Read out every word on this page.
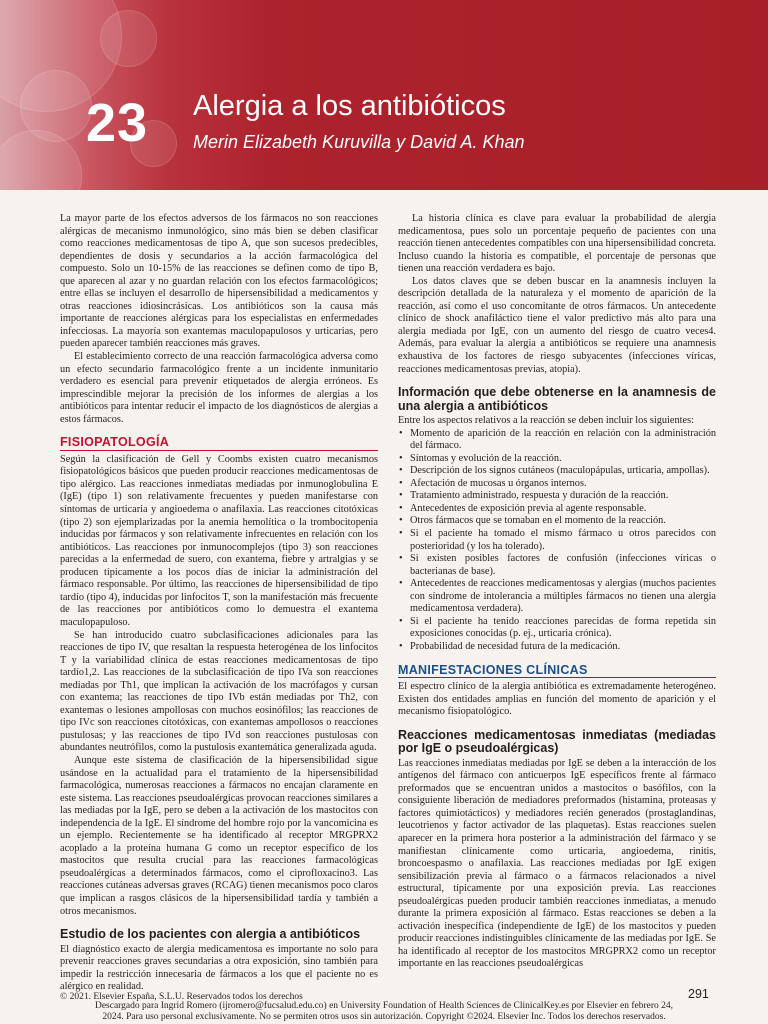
23 Alergia a los antibióticos
Merin Elizabeth Kuruvilla y David A. Khan

La mayor parte de los efectos adversos de los fármacos no son reacciones alérgicas de mecanismo inmunológico, sino más bien se deben clasificar como reacciones medicamentosas de tipo A, que son sucesos predecibles, dependientes de dosis y secundarios a la acción farmacológica del compuesto. Solo un 10-15% de las reacciones se definen como de tipo B, que aparecen al azar y no guardan relación con los efectos farmacológicos; entre ellas se incluyen el desarrollo de hipersensibilidad a medicamentos y otras reacciones idiosincrásicas. Los antibióticos son la causa más importante de reacciones alérgicas para los especialistas en enfermedades infecciosas. La mayoría son exantemas maculopapulosos y urticarias, pero pueden aparecer también reacciones más graves.

El establecimiento correcto de una reacción farmacológica adversa como un efecto secundario farmacológico frente a un incidente inmunitario verdadero es esencial para prevenir etiquetados de alergia erróneos. Es imprescindible mejorar la precisión de los informes de alergias a los antibióticos para intentar reducir el impacto de los diagnósticos de alergias a estos fármacos.

FISIOPATOLOGÍA

Según la clasificación de Gell y Coombs existen cuatro mecanismos fisiopatológicos básicos que pueden producir reacciones medicamentosas de tipo alérgico. Las reacciones inmediatas mediadas por inmunoglobulina E (IgE) (tipo 1) son relativamente frecuentes y pueden manifestarse con síntomas de urticaria y angioedema o anafilaxia. Las reacciones citotóxicas (tipo 2) son ejemplarizadas por la anemia hemolítica o la trombocitopenia inducidas por fármacos y son relativamente infrecuentes en relación con los antibióticos. Las reacciones por inmunocomplejos (tipo 3) son reacciones parecidas a la enfermedad de suero, con exantema, fiebre y artralgias y se producen típicamente a los pocos días de iniciar la administración del fármaco responsable. Por último, las reacciones de hipersensibilidad de tipo tardío (tipo 4), inducidas por linfocitos T, son la manifestación más frecuente de las reacciones por antibióticos como lo demuestra el exantema maculopapuloso.

Se han introducido cuatro subclasificaciones adicionales para las reacciones de tipo IV, que resaltan la respuesta heterogénea de los linfocitos T y la variabilidad clínica de estas reacciones medicamentosas de tipo tardío1,2. Las reacciones de la subclasificación de tipo IVa son reacciones mediadas por Th1, que implican la activación de los macrófagos y cursan con exantema; las reacciones de tipo IVb están mediadas por Th2, con exantemas o lesiones ampollosas con muchos eosinófilos; las reacciones de tipo IVc son reacciones citotóxicas, con exantemas ampollosos o reacciones pustulosas; y las reacciones de tipo IVd son reacciones pustulosas con abundantes neutrófilos, como la pustulosis exantemática generalizada aguda.

Aunque este sistema de clasificación de la hipersensibilidad sigue usándose en la actualidad para el tratamiento de la hipersensibilidad farmacológica, numerosas reacciones a fármacos no encajan claramente en este sistema. Las reacciones pseudoalérgicas provocan reacciones similares a las mediadas por la IgE, pero se deben a la activación de los mastocitos con independencia de la IgE. El síndrome del hombre rojo por la vancomicina es un ejemplo. Recientemente se ha identificado al receptor MRGPRX2 acoplado a la proteína humana G como un receptor específico de los mastocitos que resulta crucial para las reacciones farmacológicas pseudoalérgicas a determinados fármacos, como el ciprofloxacino3. Las reacciones cutáneas adversas graves (RCAG) tienen mecanismos poco claros que implican a rasgos clásicos de la hipersensibilidad tardía y también a otros mecanismos.

Estudio de los pacientes con alergia a antibióticos

El diagnóstico exacto de alergia medicamentosa es importante no solo para prevenir reacciones graves secundarias a otra exposición, sino también para impedir la restricción innecesaria de fármacos a los que el paciente no es alérgico en realidad.

La historia clínica es clave para evaluar la probabilidad de alergia medicamentosa, pues solo un porcentaje pequeño de pacientes con una reacción tienen antecedentes compatibles con una hipersensibilidad concreta. Incluso cuando la historia es compatible, el porcentaje de personas que tienen una reacción verdadera es bajo.

Los datos claves que se deben buscar en la anamnesis incluyen la descripción detallada de la naturaleza y el momento de aparición de la reacción, así como el uso concomitante de otros fármacos. Un antecedente clínico de shock anafiláctico tiene el valor predictivo más alto para una alergia mediada por IgE, con un aumento del riesgo de cuatro veces4. Además, para evaluar la alergia a antibióticos se requiere una anamnesis exhaustiva de los factores de riesgo subyacentes (infecciones víricas, reacciones medicamentosas previas, atopia).

Información que debe obtenerse en la anamnesis de una alergia a antibióticos

Entre los aspectos relativos a la reacción se deben incluir los siguientes:

• Momento de aparición de la reacción en relación con la administración del fármaco.
• Síntomas y evolución de la reacción.
• Descripción de los signos cutáneos (maculopápulas, urticaria, ampollas).
• Afectación de mucosas u órganos internos.
• Tratamiento administrado, respuesta y duración de la reacción.
• Antecedentes de exposición previa al agente responsable.
• Otros fármacos que se tomaban en el momento de la reacción.
• Si el paciente ha tomado el mismo fármaco u otros parecidos con posterioridad (y los ha tolerado).
• Si existen posibles factores de confusión (infecciones víricas o bacterianas de base).
• Antecedentes de reacciones medicamentosas y alergias (muchos pacientes con síndrome de intolerancia a múltiples fármacos no tienen una alergia medicamentosa verdadera).
• Si el paciente ha tenido reacciones parecidas de forma repetida sin exposiciones conocidas (p. ej., urticaria crónica).
• Probabilidad de necesidad futura de la medicación.
MANIFESTACIONES CLÍNICAS

El espectro clínico de la alergia antibiótica es extremadamente heterogéneo. Existen dos entidades amplias en función del momento de aparición y el mecanismo fisiopatológico.

Reacciones medicamentosas inmediatas (mediadas por IgE o pseudoalérgicas)

Las reacciones inmediatas mediadas por IgE se deben a la interacción de los antígenos del fármaco con anticuerpos IgE específicos frente al fármaco preformados que se encuentran unidos a mastocitos o basófilos, con la consiguiente liberación de mediadores preformados (histamina, proteasas y factores quimiotácticos) y mediadores recién generados (prostaglandinas, leucotrienos y factor activador de las plaquetas). Estas reacciones suelen aparecer en la primera hora posterior a la administración del fármaco y se manifiestan clínicamente como urticaria, angioedema, rinitis, broncoespasmo o anafilaxia. Las reacciones mediadas por IgE exigen sensibilización previa al fármaco o a fármacos relacionados a nivel estructural, típicamente por una exposición previa. Las reacciones pseudoalérgicas pueden producir también reacciones inmediatas, a menudo durante la primera exposición al fármaco. Estas reacciones se deben a la activación inespecífica (independiente de IgE) de los mastocitos y pueden producir reacciones indistinguibles clínicamente de las mediadas por IgE. Se ha identificado al receptor de los mastocitos MRGPRX2 como un receptor importante en las reacciones pseudoalérgicas

© 2021. Elsevier España, S.L.U. Reservados todos los derechos	291
Descargado para Ingrid Romero (ijromero@fucsalud.edu.co) en University Foundation of Health Sciences de ClinicalKey.es por Elsevier en febrero 24,
2024. Para uso personal exclusivamente. No se permiten otros usos sin autorización. Copyright ©2024. Elsevier Inc. Todos los derechos reservados.
